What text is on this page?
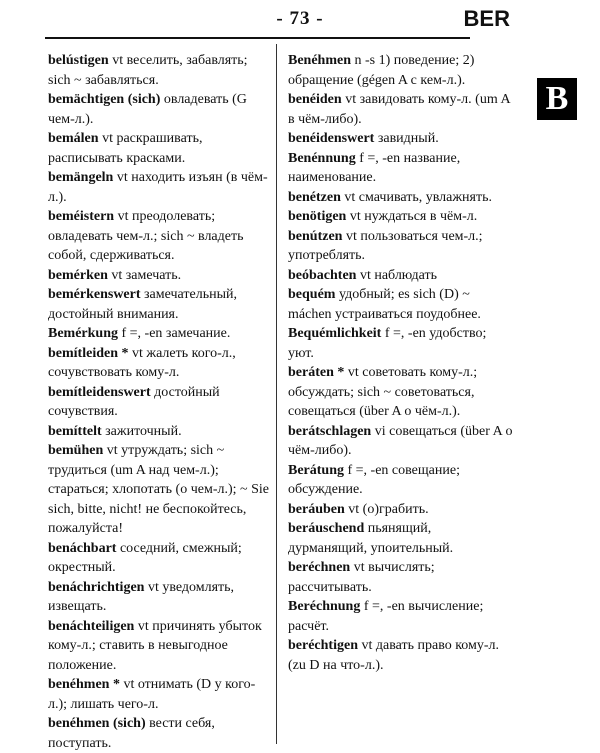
- 73 -	BER
B

belústigen vt веселить, забавлять; sich ~ забавляться.

bemächtigen (sich) овладевать (G чем-л.).

bemálen vt раскрашивать, расписывать красками.

bemängeln vt находить изъян (в чём-л.).

beméistern vt преодолевать; овладевать чем-л.; sich ~ владеть собой, сдерживаться.

bemérken vt замечать.

bemérkenswert замечательный, достойный внимания.

Bemérkung f =, -en замечание.

bemítleiden * vt жалеть кого-л., сочувствовать кому-л.

bemítleidenswert достойный сочувствия.

bemíttelt зажиточный.

bemühen vt утруждать; sich ~ трудиться (um A над чем-л.); стараться; хлопотать (о чем-л.); ~ Sie sich, bitte, nicht! не беспокойтесь, пожалуйста!

benáchbart соседний, смежный; окрестный.

benáchrichtigen vt уведомлять, извещать.

benáchteiligen vt причинять убыток кому-л.; ставить в невыгодное положение.

benéhmen * vt отнимать (D у кого-л.); лишать чего-л.

benéhmen (sich) вести себя, поступать.

Benéhmen n -s 1) поведение; 2) обращение (gégen A с кем-л.).

benéiden vt завидовать кому-л. (um A в чём-либо).

benéidenswert завидный.

Benénnung f =, -en название, наименование.

benétzen vt смачивать, увлажнять.

benötigen vt нуждаться в чём-л.

benútzen vt пользоваться чем-л.; употреблять.

beóbachten vt наблюдать

bequém удобный; es sich (D) ~ máchen устраиваться поудобнее.

Bequémlichkeit f =, -en удобство; уют.

beráten * vt советовать кому-л.; обсуждать; sich ~ советоваться, совещаться (über A о чём-л.).

berátschlagen vi совещаться (über A о чём-либо).

Berátung f =, -en совещание; обсуждение.

beráuben vt (о)грабить.

beráuschend пьянящий, дурманящий, упоительный.

beréchnen vt вычислять; рассчитывать.

Beréchnung f =, -en вычисление; расчёт.

beréchtigen vt давать право кому-л. (zu D на что-л.).
